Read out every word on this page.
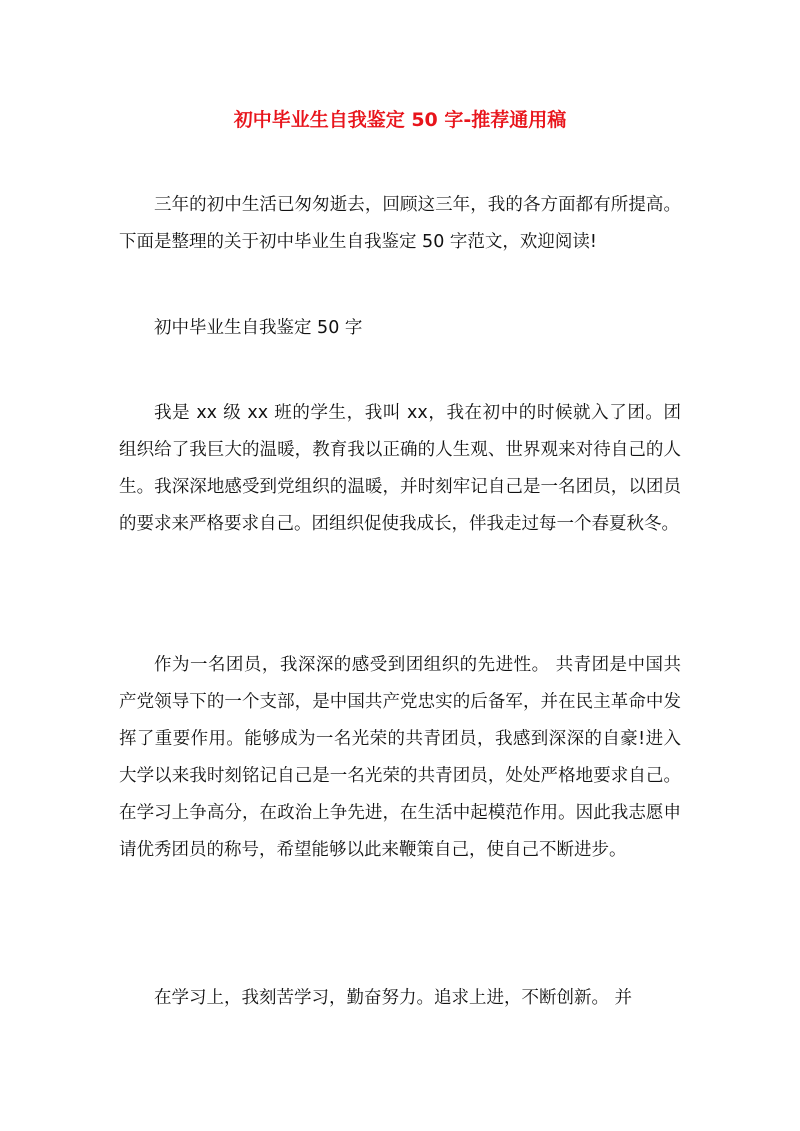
初中毕业生自我鉴定 50 字-推荐通用稿

三年的初中生活已匆匆逝去，回顾这三年，我的各方面都有所提高。下面是整理的关于初中毕业生自我鉴定 50 字范文，欢迎阅读!

初中毕业生自我鉴定 50 字

我是 xx 级 xx 班的学生，我叫 xx，我在初中的时候就入了团。团组织给了我巨大的温暖，教育我以正确的人生观、世界观来对待自己的人生。我深深地感受到党组织的温暖，并时刻牢记自己是一名团员，以团员的要求来严格要求自己。团组织促使我成长，伴我走过每一个春夏秋冬。

作为一名团员，我深深的感受到团组织的先进性。 共青团是中国共产党领导下的一个支部，是中国共产党忠实的后备军，并在民主革命中发挥了重要作用。能够成为一名光荣的共青团员，我感到深深的自豪!进入大学以来我时刻铭记自己是一名光荣的共青团员，处处严格地要求自己。在学习上争高分，在政治上争先进，在生活中起模范作用。因此我志愿申请优秀团员的称号，希望能够以此来鞭策自己，使自己不断进步。

在学习上，我刻苦学习，勤奋努力。追求上进，不断创新。 并
